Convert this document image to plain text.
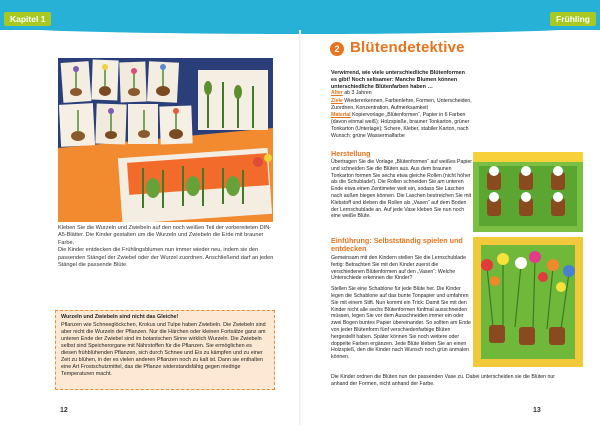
Kapitel 1	Frühling

Kleben Sie die Wurzeln und Zwiebeln auf den noch weißen Teil der vorbereiteten DIN-A5-Blätter. Die Kinder gestalten um die Wurzeln und Zwiebeln die Erde mit brauner Farbe.

Die Kinder entdecken die Frühlingsblumen nun immer wieder neu, indem sie den passenden Stängel der Zwiebel oder der Wurzel zuordnen. Anschließend darf an jeden Stängel die passende Blüte.

Wurzeln und Zwiebeln sind nicht das Gleiche!
Pflanzen wie Schneeglöckchen, Krokus und Tulpe haben Zwiebeln. Die Zwiebeln sind aber nicht die Wurzeln der Pflanzen. Nur die Härchen oder kleinen Fortsätze ganz am unteren Ende der Zwiebel sind im botanischen Sinne wirklich Wurzeln. Die Zwiebeln selbst sind Speicherorgane mit Nährstoffen für die Pflanzen. Sie ermöglichen es diesen frühblühenden Pflanzen, sich durch Schnee und Eis zu kämpfen und zu einer Zeit zu blühen, in der es vielen anderen Pflanzen noch zu kalt ist. Dann sie enthalten eine Art Frostschutzmittel, das die Pflanze widerstandsfähig gegen niedrige Temperaturen macht.
12
2 Blütendetektive
Verwirrend, wie viele unterschiedliche Blütenformen es gibt! Noch seltsamer: Manche Blumen können unterschiedliche Blütenfarben haben …

Alter ab 3 Jahren

Ziele Wiedererkennen, Farbenlehre, Formen, Unterscheiden, Zuordnen, Konzentration, Aufmerksamkeit

Material Kopiervorlage „Blütenformen“, Papier in 6 Farben (davon einmal weiß); Holzspieße, brauner Tonkarton, grüner Tonkarton (Unterlage); Schere, Kleber, stabiler Karton, nach Wunsch: grüne Wassermalfarbe

Herstellung
Übertragen Sie die Vorlage „Blütenformen“ auf weißes Papier und schneiden Sie die Blüten aus. Aus dem braunen Tonkarton formen Sie sechs etwa gleiche Rollen (nicht höher als die Schublade!). Die Rollen schneiden Sie am unteren Ende etwa einen Zentimeter weit ein, sodass Sie Laschen nach außen biegen können. Die Laschen bestreichen Sie mit Klebstoff und kleben die Rollen als „Vasen“ auf dem Boden der Lernschublade an. Auf jede Vase kleben Sie nun noch eine weiße Blüte.
Einführung: Selbstständig spielen und entdecken

Gemeinsam mit den Kindern stellen Sie die Lernschublade fertig: Betrachten Sie mit den Kinder zuerst die verschiedenen Blütenformen auf den „Vasen“: Welche Unterschiede erkennen die Kinder?

Stellen Sie eine Schablone für jede Blüte her. Die Kinder legen die Schablone auf das bunte Tonpapier und umfahren Sie mit einem Stift. Nun kommt ein Trick: Damit Sie mit den Kinder nicht alle sechs Blütenformen fünfmal ausschneiden müssen, legen Sie vor dem Ausschneiden immer ein oder zwei Bogen buntes Papier übereinander. So sollten am Ende von jeder Blütenform fünf verschiedenfarbige Blüten hergestellt haben. Später können Sie noch weitere oder doppelte Farben ergänzen. Jede Blüte kleben Sie an einen Holzspieß, den die Kinder nach Wunsch noch grün anmalen können.

Die Kinder ordnen die Blüten nun der passenden Vase zu. Dabei unterscheiden sie die Blüten nur anhand der Formen, nicht anhand der Farbe.
13
